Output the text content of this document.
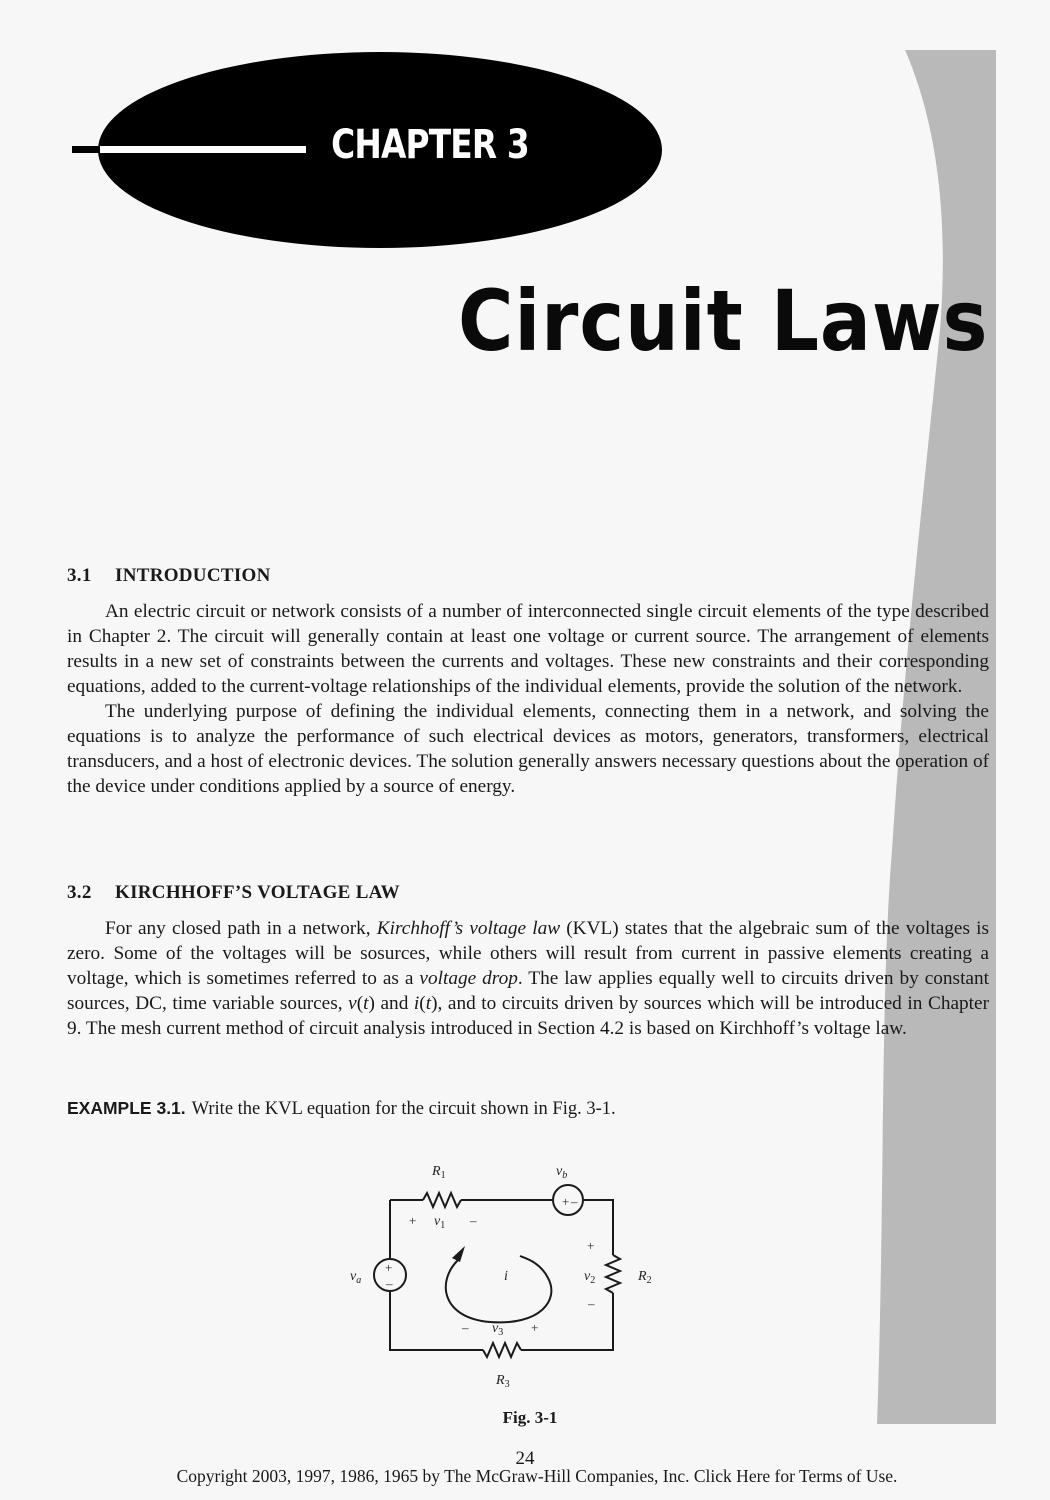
CHAPTER 3
Circuit Laws
3.1 INTRODUCTION

An electric circuit or network consists of a number of interconnected single circuit elements of the type described in Chapter 2. The circuit will generally contain at least one voltage or current source. The arrangement of elements results in a new set of constraints between the currents and voltages. These new constraints and their corresponding equations, added to the current-voltage relationships of the individual elements, provide the solution of the network.

The underlying purpose of defining the individual elements, connecting them in a network, and solving the equations is to analyze the performance of such electrical devices as motors, generators, transformers, electrical transducers, and a host of electronic devices. The solution generally answers necessary questions about the operation of the device under conditions applied by a source of energy.

3.2 KIRCHHOFF’S VOLTAGE LAW

For any closed path in a network, Kirchhoff’s voltage law (KVL) states that the algebraic sum of the voltages is zero. Some of the voltages will be sosurces, while others will result from current in passive elements creating a voltage, which is sometimes referred to as a voltage drop. The law applies equally well to circuits driven by constant sources, DC, time variable sources, v(t) and i(t), and to circuits driven by sources which will be introduced in Chapter 9. The mesh current method of circuit analysis introduced in Section 4.2 is based on Kirchhoff’s voltage law.

EXAMPLE 3.1. Write the KVL equation for the circuit shown in Fig. 3-1.
+ –
+
–
$R_1$	$v_b$
+ $v_1$ –
$v_a$	i
+
$v_2$
–
$R_2$
– $v_3$ +
$R_3$
Fig. 3-1
24
Copyright 2003, 1997, 1986, 1965 by The McGraw-Hill Companies, Inc. Click Here for Terms of Use.
